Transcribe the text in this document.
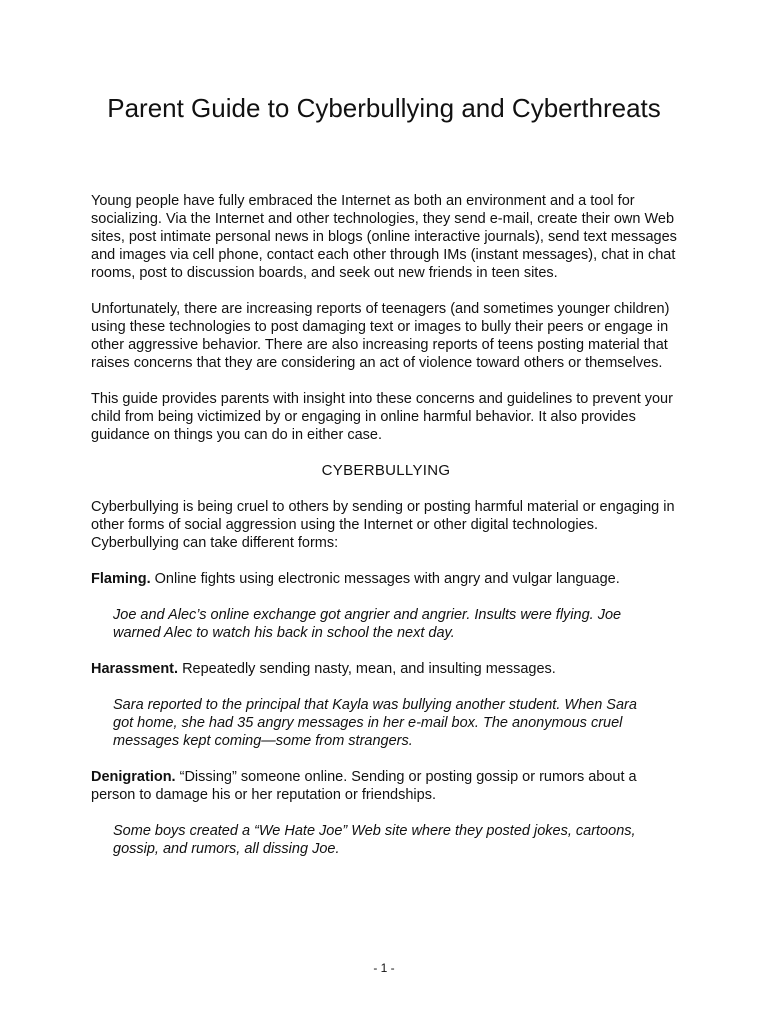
Parent Guide to Cyberbullying and Cyberthreats

Young people have fully embraced the Internet as both an environment and a tool for socializing. Via the Internet and other technologies, they send e-mail, create their own Web sites, post intimate personal news in blogs (online interactive journals), send text messages and images via cell phone, contact each other through IMs (instant messages), chat in chat rooms, post to discussion boards, and seek out new friends in teen sites.

Unfortunately, there are increasing reports of teenagers (and sometimes younger children) using these technologies to post damaging text or images to bully their peers or engage in other aggressive behavior. There are also increasing reports of teens posting material that raises concerns that they are considering an act of violence toward others or themselves.

This guide provides parents with insight into these concerns and guidelines to prevent your child from being victimized by or engaging in online harmful behavior. It also provides guidance on things you can do in either case.

CYBERBULLYING

Cyberbullying is being cruel to others by sending or posting harmful material or engaging in other forms of social aggression using the Internet or other digital technologies. Cyberbullying can take different forms:

Flaming. Online fights using electronic messages with angry and vulgar language.

Joe and Alec’s online exchange got angrier and angrier. Insults were flying. Joe warned Alec to watch his back in school the next day.

Harassment. Repeatedly sending nasty, mean, and insulting messages.

Sara reported to the principal that Kayla was bullying another student. When Sara got home, she had 35 angry messages in her e-mail box. The anonymous cruel messages kept coming—some from strangers.

Denigration. “Dissing” someone online. Sending or posting gossip or rumors about a person to damage his or her reputation or friendships.

Some boys created a “We Hate Joe” Web site where they posted jokes, cartoons, gossip, and rumors, all dissing Joe.

- 1 -
